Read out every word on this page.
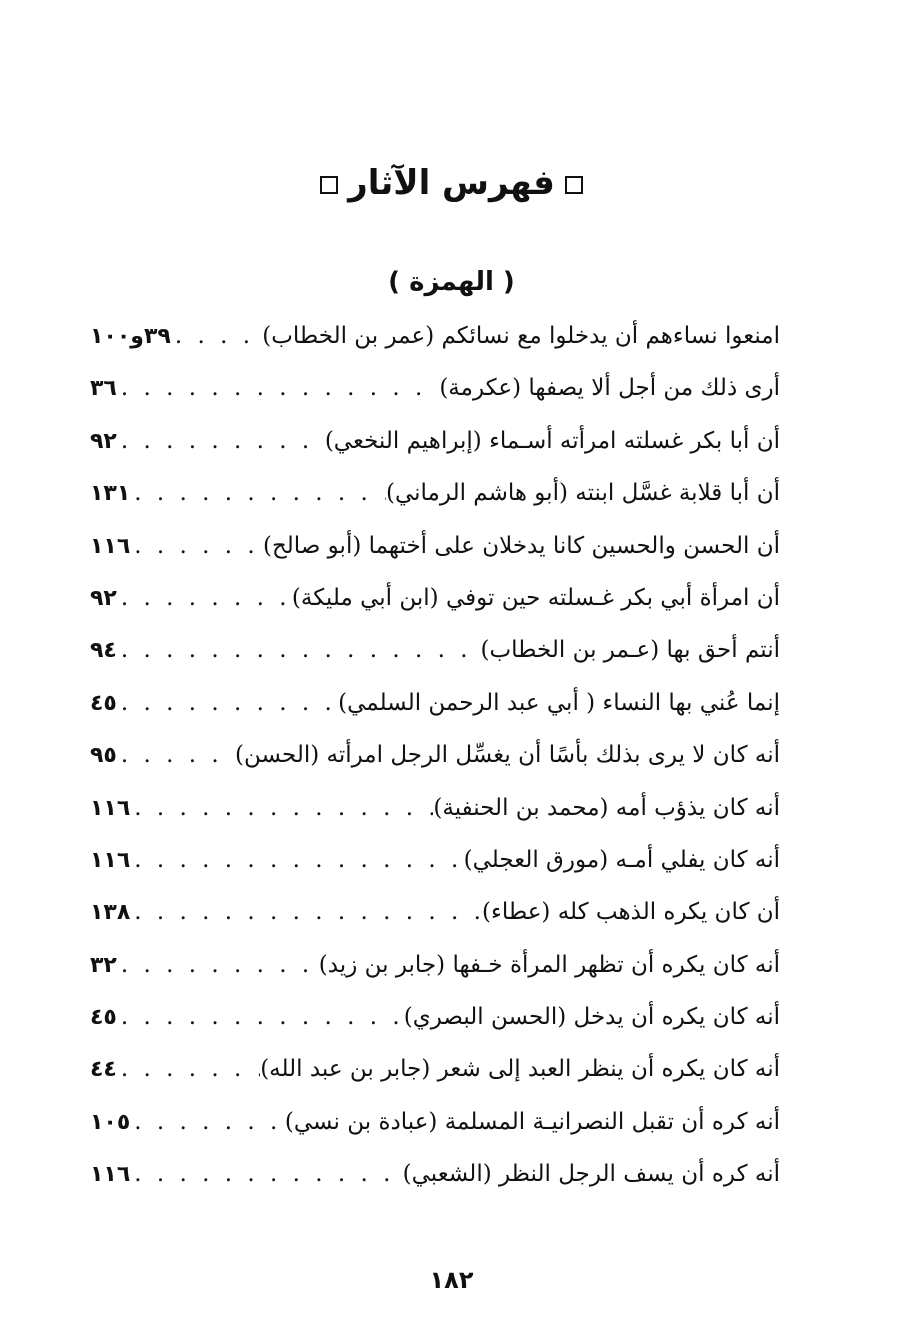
فهرس الآثار
( الهمزة )
امنعوا نساءهم أن يدخلوا مع نسائكم (عمر بن الخطاب)
. . .
٣٩و١٠٠
أرى ذلك من أجل ألا يصفها (عكرمة)
. . .
٣٦
أن أبا بكر غسلته امرأته أسـماء (إبراهيم النخعي)
. . .
٩٢
أن أبا قلابة غسَّل ابنته (أبو هاشم الرماني)
. . .
١٣١
أن الحسن والحسين كانا يدخلان على أختهما (أبو صالح)
. . .
١١٦
أن امرأة أبي بكر غـسلته حين توفي (ابن أبي مليكة)
. . .
٩٢
أنتم أحق بها (عـمر بن الخطاب)
. . .
٩٤
إنما عُني بها النساء ( أبي عبد الرحمن السلمي)
. . .
٤٥
أنه كان لا يرى بذلك بأسًا أن يغسِّل الرجل امرأته (الحسن)
. . .
٩٥
أنه كان يذؤب أمه (محمد بن الحنفية)
. . .
١١٦
أنه كان يفلي أمـه (مورق العجلي)
. . .
١١٦
أن كان يكره الذهب كله (عطاء)
. . .
١٣٨
أنه كان يكره أن تظهر المرأة خـفها (جابر بن زيد)
. . .
٣٢
أنه كان يكره أن يدخل (الحسن البصري)
. . .
٤٥
أنه كان يكره أن ينظر العبد إلى شعر (جابر بن عبد الله)
. . .
٤٤
أنه كره أن تقبل النصرانيـة المسلمة (عبادة بن نسي)
. . .
١٠٥
أنه كره أن يسف الرجل النظر (الشعبي)
. . .
١١٦
١٨٢
